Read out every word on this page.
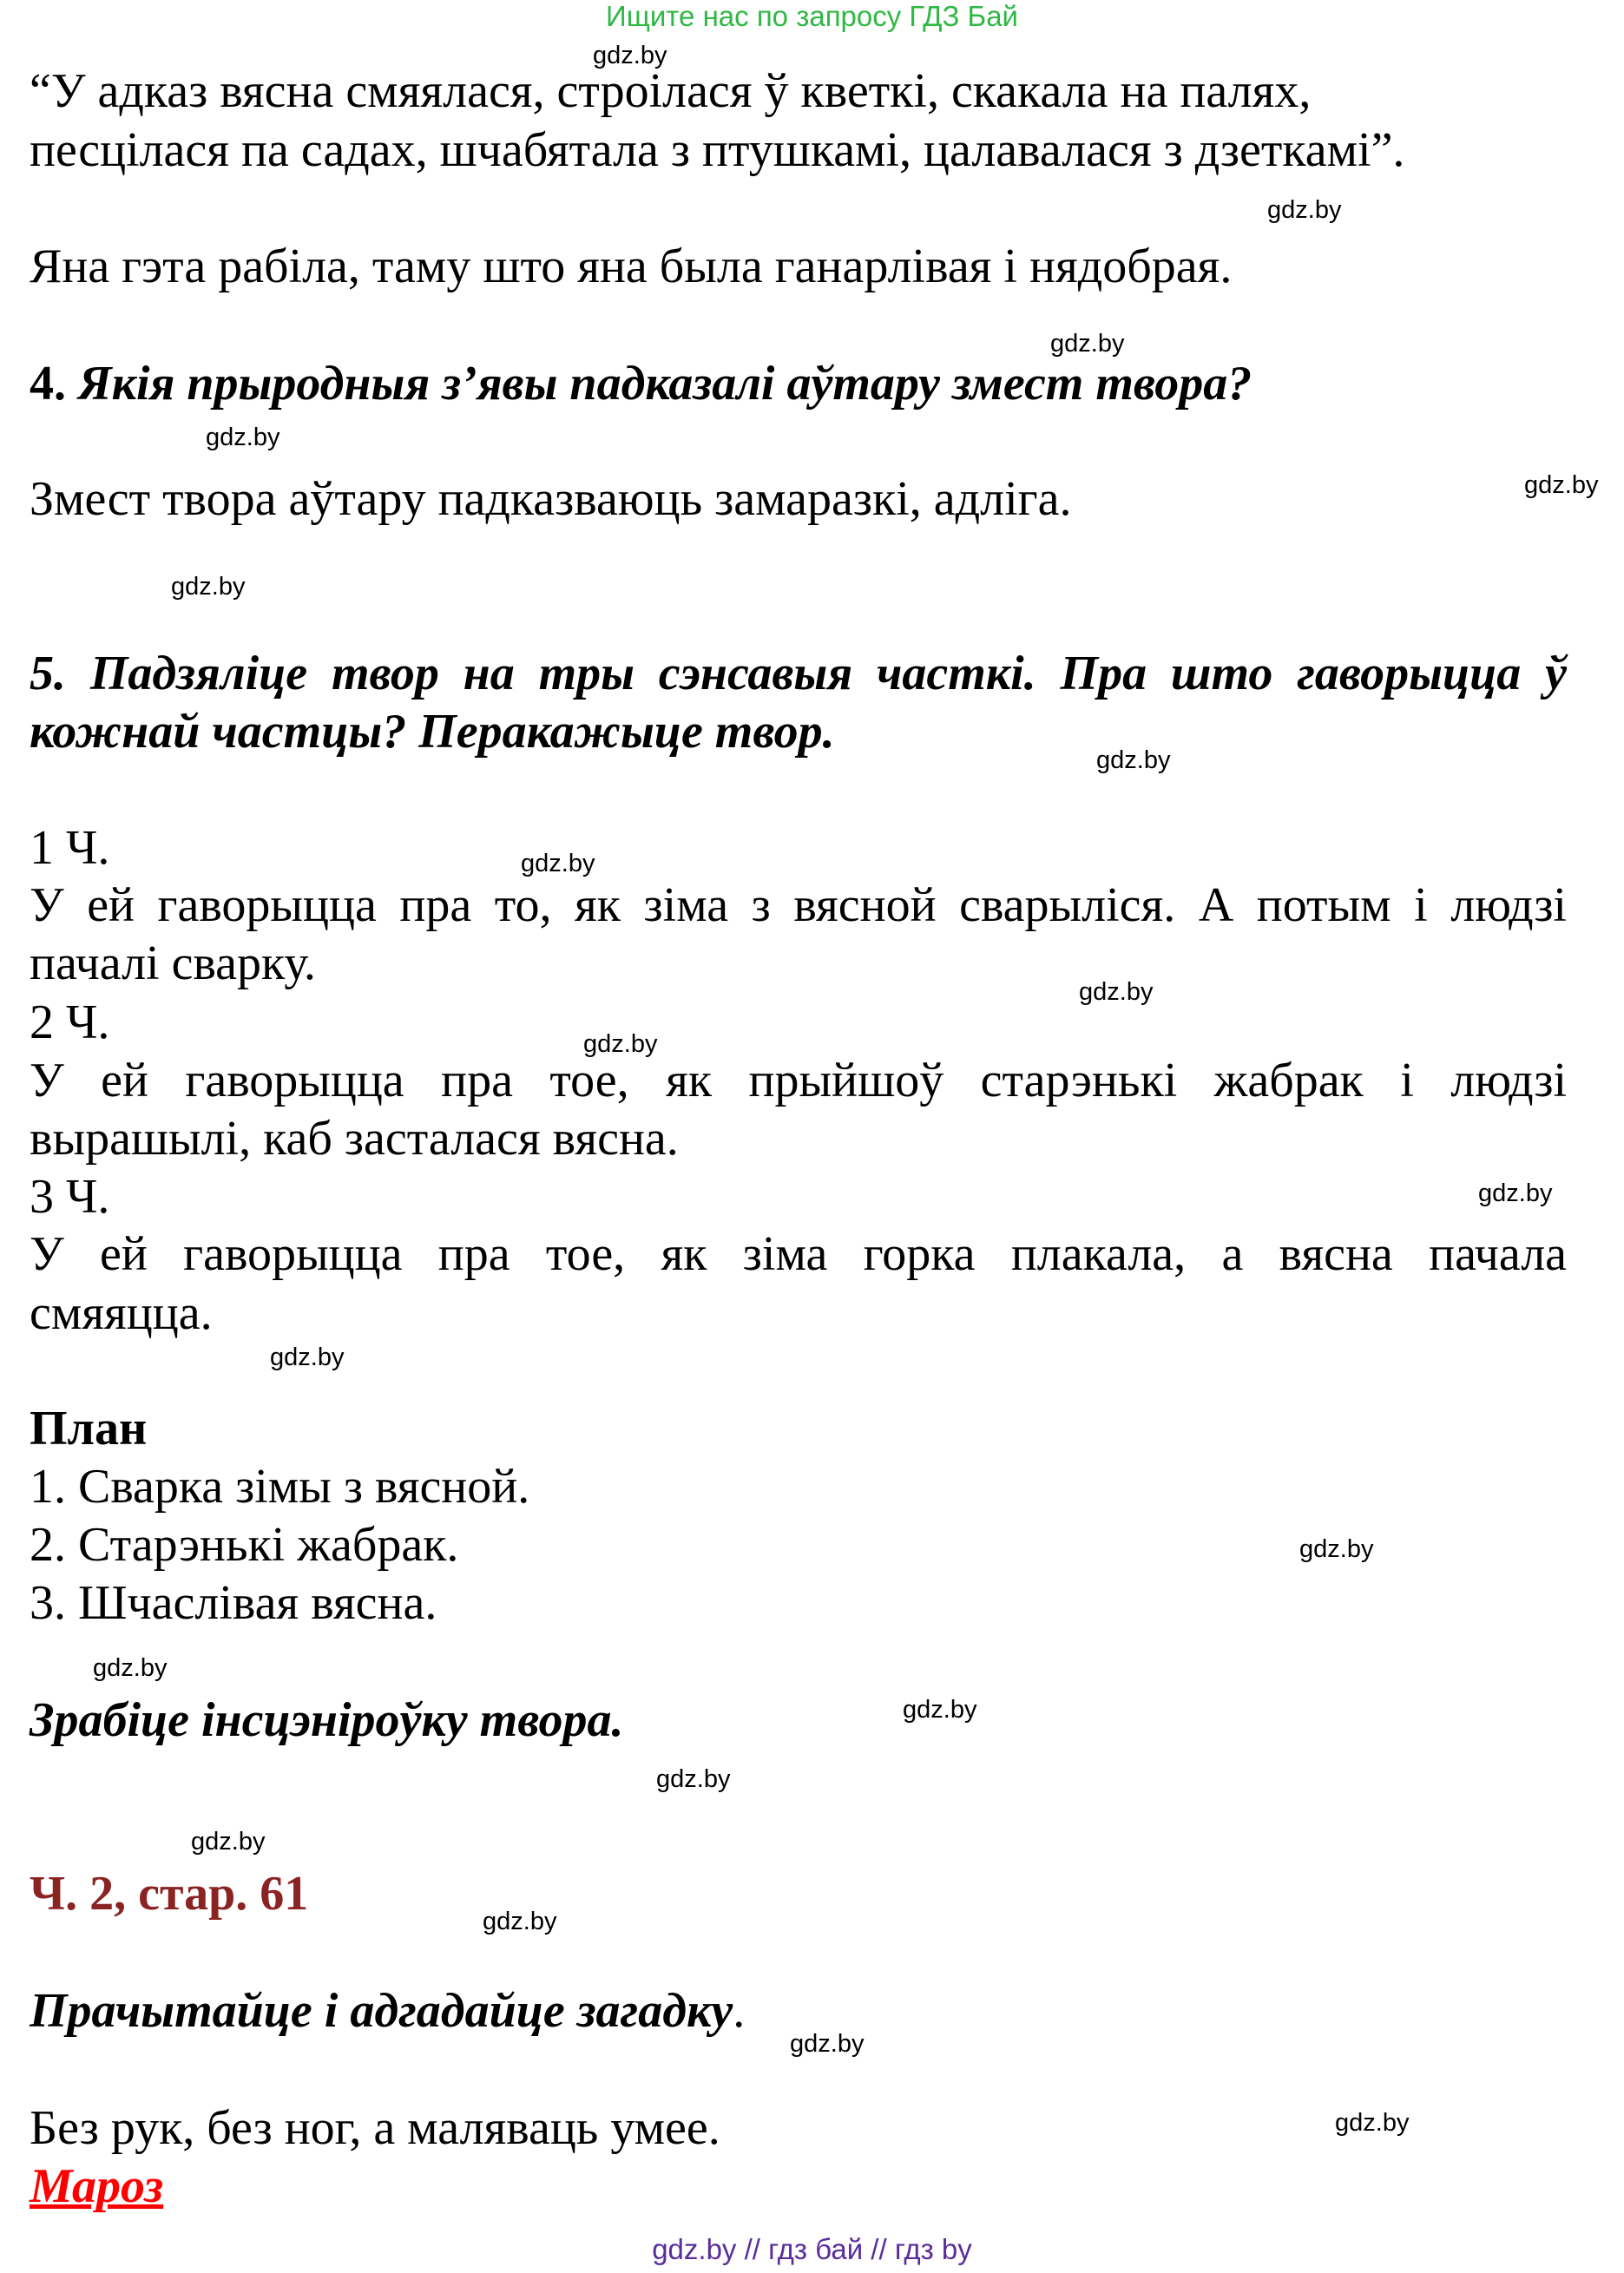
Ищите нас по запросу ГДЗ Бай
“У адказ вясна смяялася, строілася ў кветкі, скакала на палях,
песцілася па садах, шчабятала з птушкамі, цалавалася з дзеткамі”.
Яна гэта рабіла, таму што яна была ганарлівая і нядобрая.
4. Якія прыродныя з’явы падказалі аўтару змест твора?
Змест твора аўтару падказваюць замаразкі, адліга.
5. Падзяліце твор на тры сэнсавыя часткі. Пра што гаворыцца ў
кожнай частцы? Перакажыце твор.
1 Ч.
У ей гаворыцца пра то, як зіма з вясной сварыліся. А потым і людзі
пачалі сварку.
2 Ч.
У ей гаворыцца пра тое, як прыйшоў старэнькі жабрак і людзі
вырашылі, каб засталася вясна.
3 Ч.
У ей гаворыцца пра тое, як зіма горка плакала, а вясна пачала
смяяцца.
План
1. Сварка зімы з вясной.
2. Старэнькі жабрак.
3. Шчаслівая вясна.
Зрабіце інсцэніроўку твора.
Ч. 2, стар. 61
Прачытайце і адгадайце загадку.
Без рук, без ног, а маляваць умее.
Мароз
gdz.by
gdz.by
gdz.by
gdz.by
gdz.by
gdz.by
gdz.by
gdz.by
gdz.by
gdz.by
gdz.by
gdz.by
gdz.by
gdz.by
gdz.by
gdz.by
gdz.by
gdz.by
gdz.by
gdz.by
gdz.by // гдз бай // гдз by
